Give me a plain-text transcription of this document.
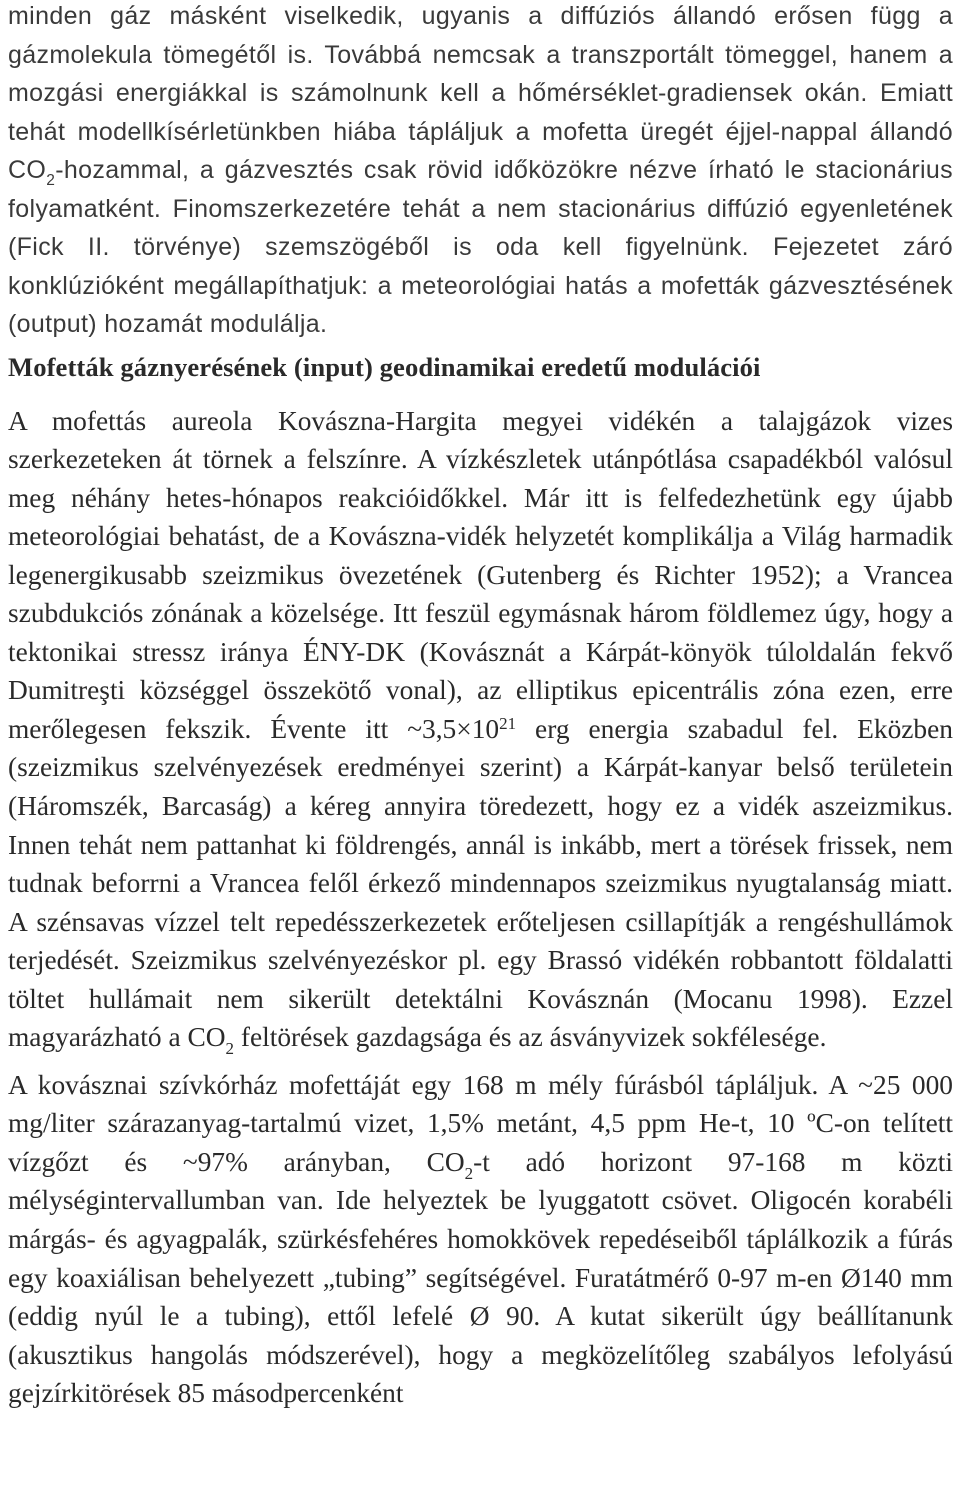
minden gáz másként viselkedik, ugyanis a diffúziós állandó erősen függ a gázmolekula tömegétől is. Továbbá nemcsak a transzportált tömeggel, hanem a mozgási energiákkal is számolnunk kell a hőmérséklet-gradiensek okán. Emiatt tehát modellkísérletünkben hiába tápláljuk a mofetta üregét éjjel-nappal állandó $CO_2$-hozammal, a gázvesztés csak rövid időközökre nézve írható le stacionárius folyamatként. Finomszerkezetére tehát a nem stacionárius diffúzió egyenletének (Fick II. törvénye) szemszögéből is oda kell figyelnünk. Fejezetet záró konklúzióként megállapíthatjuk: a meteorológiai hatás a mofetták gázvesztésének (output) hozamát modulálja.

Mofetták gáznyerésének (input) geodinamikai eredetű modulációi

A mofettás aureola Kovászna-Hargita megyei vidékén a talajgázok vizes szerkezeteken át törnek a felszínre. A vízkészletek utánpótlása csapadékból valósul meg néhány hetes-hónapos reakcióidőkkel. Már itt is felfedezhetünk egy újabb meteorológiai behatást, de a Kovászna-vidék helyzetét komplikálja a Világ harmadik legenergikusabb szeizmikus övezetének (Gutenberg és Richter 1952); a Vrancea szubdukciós zónának a közelsége. Itt feszül egymásnak három földlemez úgy, hogy a tektonikai stressz iránya ÉNY-DK (Kovásznát a Kárpát-könyök túloldalán fekvő Dumitreşti községgel összekötő vonal), az elliptikus epicentrális zóna ezen, erre merőlegesen fekszik. Évente itt $\sim 3,5\times 10^{21}$ erg energia szabadul fel. Eközben (szeizmikus szelvényezések eredményei szerint) a Kárpát-kanyar belső területein (Háromszék, Barcaság) a kéreg annyira töredezett, hogy ez a vidék aszeizmikus. Innen tehát nem pattanhat ki földrengés, annál is inkább, mert a törések frissek, nem tudnak beforrni a Vrancea felől érkező mindennapos szeizmikus nyugtalanság miatt. A szénsavas vízzel telt repedésszerkezetek erőteljesen csillapítják a rengéshullámok terjedését. Szeizmikus szelvényezéskor pl. egy Brassó vidékén robbantott földalatti töltet hullámait nem sikerült detektálni Kovásznán (Mocanu 1998). Ezzel magyarázható a $CO_2$ feltörések gazdagsága és az ásványvizek sokfélesége.

A kovásznai szívkórház mofettáját egy 168 m mély fúrásból tápláljuk. A ~25 000 mg/liter szárazanyag-tartalmú vizet, 1,5% metánt, 4,5 ppm He-t, 10 ºC-on telített vízgőzt és ~97% arányban, $CO_2-t$ adó horizont 97-168 m közti mélységintervallumban van. Ide helyeztek be lyuggatott csövet. Oligocén korabéli márgás- és agyagpalák, szürkésfehéres homokkövek repedéseiből táplálkozik a fúrás egy koaxiálisan behelyezett „tubing” segítségével. Furatátmérő 0-97 m-en Ø140 mm (eddig nyúl le a tubing), ettől lefelé Ø 90. A kutat sikerült úgy beállítanunk (akusztikus hangolás módszerével), hogy a megközelítőleg szabályos lefolyású gejzírkitörések 85 másodpercenként
